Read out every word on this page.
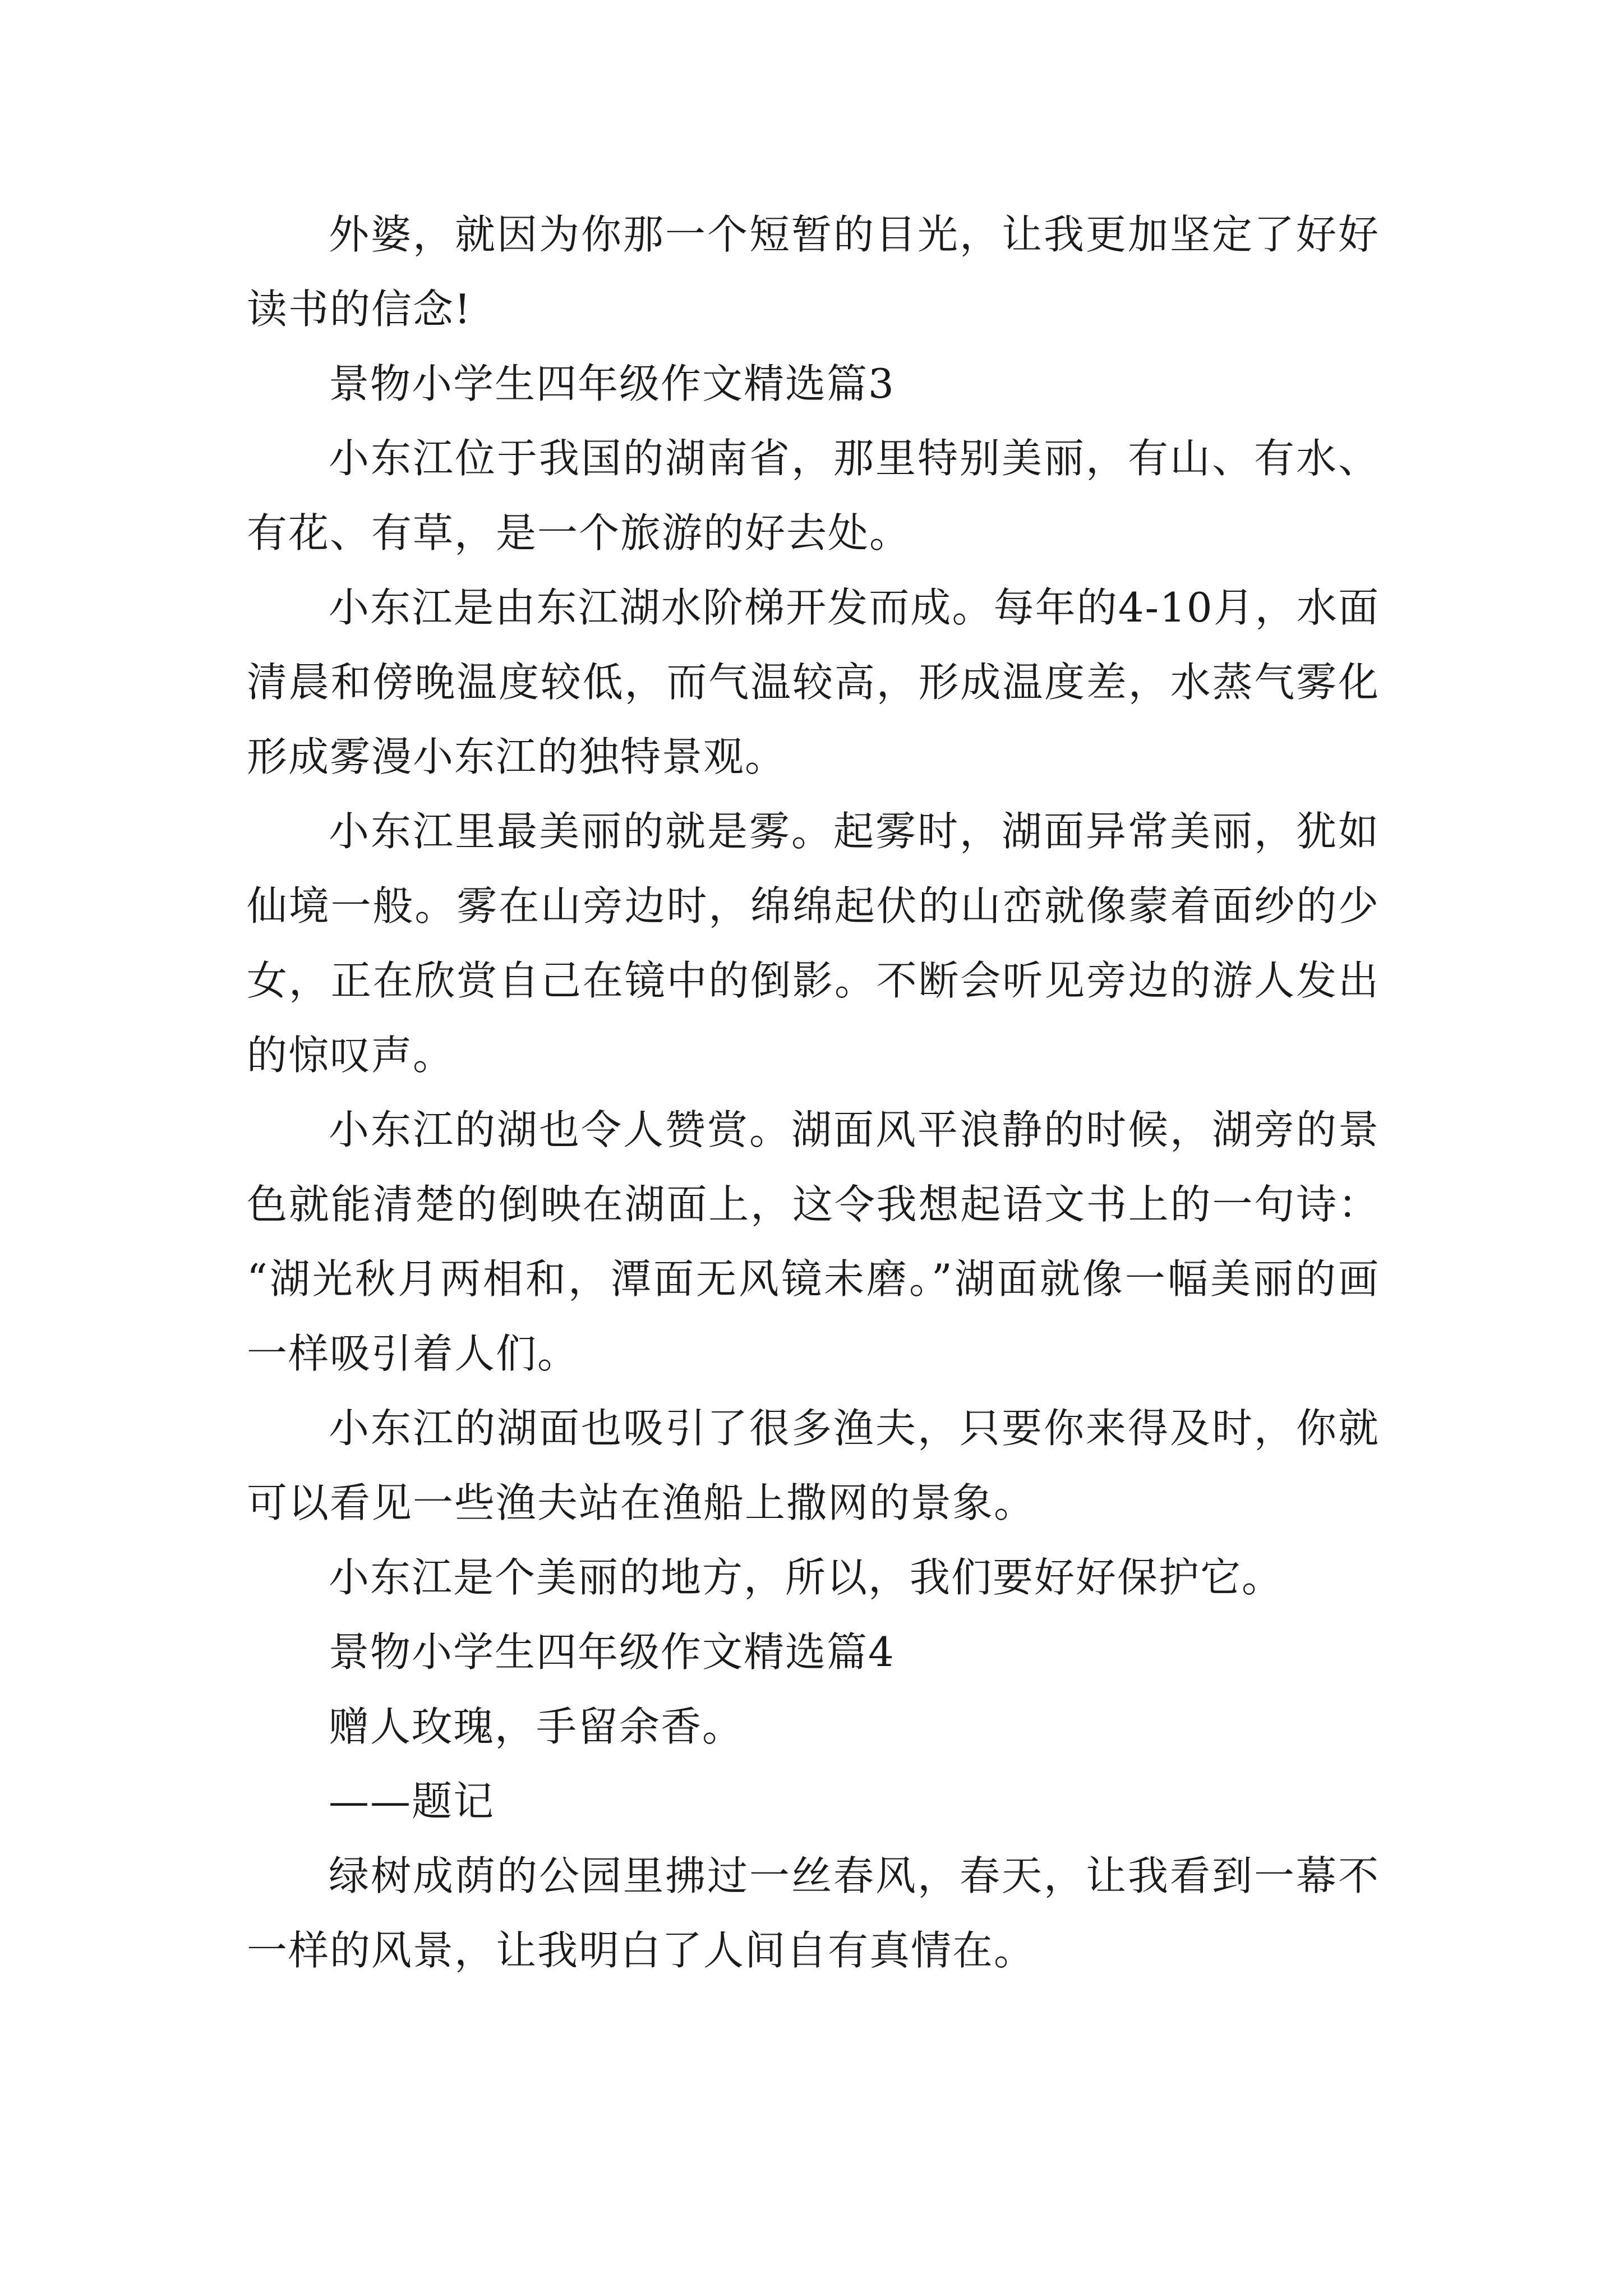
外婆，就因为你那一个短暂的目光，让我更加坚定了好好读书的信念!

景物小学生四年级作文精选篇3

小东江位于我国的湖南省，那里特别美丽，有山、有水、有花、有草，是一个旅游的好去处。

小东江是由东江湖水阶梯开发而成。每年的4-10月，水面清晨和傍晚温度较低，而气温较高，形成温度差，水蒸气雾化形成雾漫小东江的独特景观。

小东江里最美丽的就是雾。起雾时，湖面异常美丽，犹如仙境一般。雾在山旁边时，绵绵起伏的山峦就像蒙着面纱的少女，正在欣赏自己在镜中的倒影。不断会听见旁边的游人发出的惊叹声。

小东江的湖也令人赞赏。湖面风平浪静的时候，湖旁的景色就能清楚的倒映在湖面上，这令我想起语文书上的一句诗：“湖光秋月两相和，潭面无风镜未磨。”湖面就像一幅美丽的画一样吸引着人们。

小东江的湖面也吸引了很多渔夫，只要你来得及时，你就可以看见一些渔夫站在渔船上撒网的景象。

小东江是个美丽的地方，所以，我们要好好保护它。

景物小学生四年级作文精选篇4

赠人玫瑰，手留余香。

——题记

绿树成荫的公园里拂过一丝春风，春天，让我看到一幕不一样的风景，让我明白了人间自有真情在。
